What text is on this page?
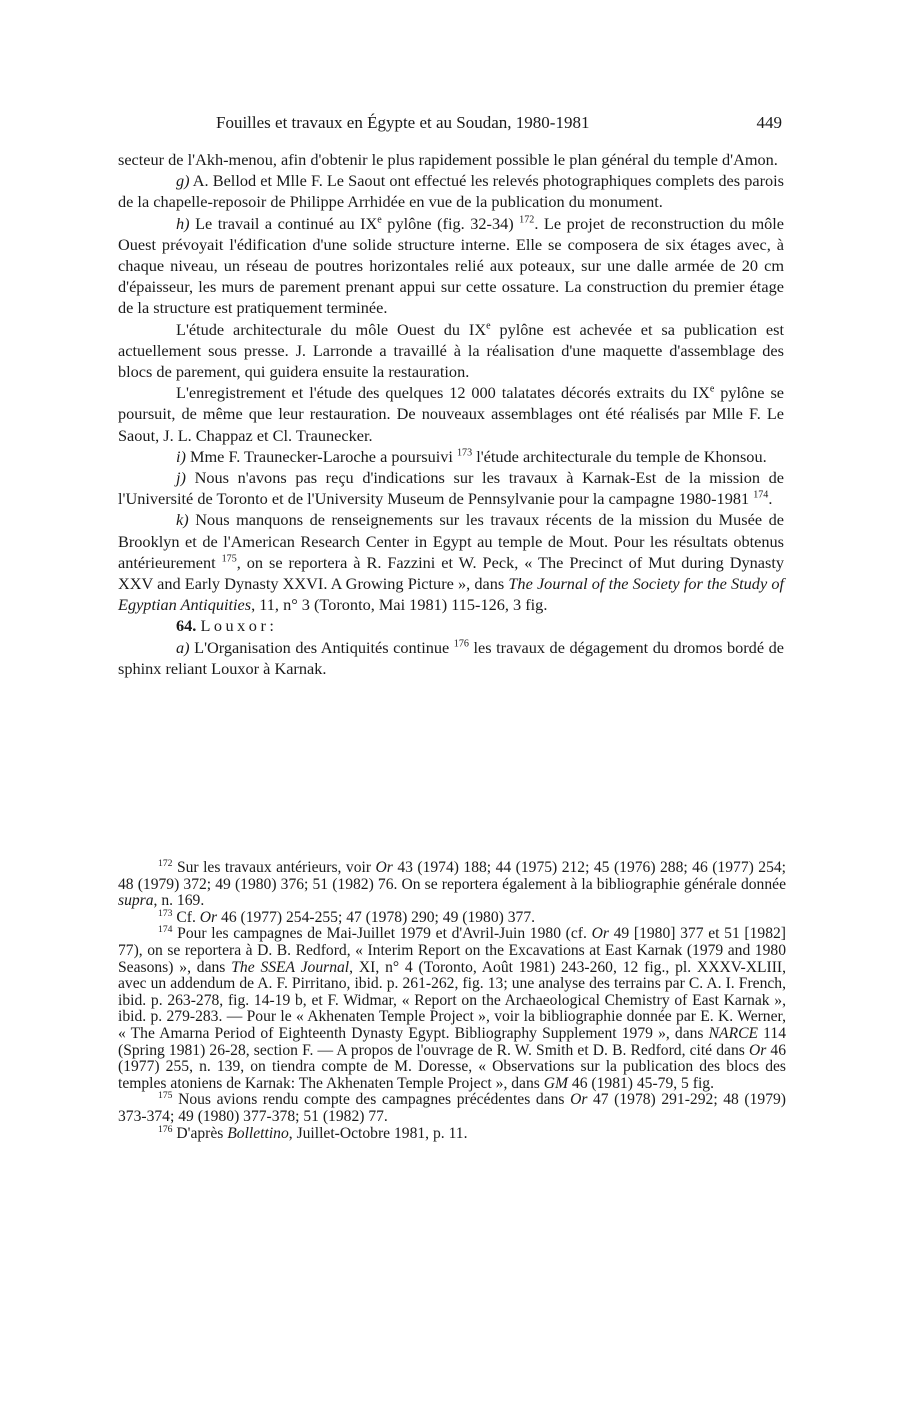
Fouilles et travaux en Égypte et au Soudan, 1980-1981	449

secteur de l'Akh-menou, afin d'obtenir le plus rapidement possible le plan général du temple d'Amon.

g) A. Bellod et Mlle F. Le Saout ont effectué les relevés photographiques complets des parois de la chapelle-reposoir de Philippe Arrhidée en vue de la publication du monument.

h) Le travail a continué au IXe pylône (fig. 32-34) $^{172}$. Le projet de reconstruction du môle Ouest prévoyait l'édification d'une solide structure interne. Elle se composera de six étages avec, à chaque niveau, un réseau de poutres horizontales relié aux poteaux, sur une dalle armée de 20 cm d'épaisseur, les murs de parement prenant appui sur cette ossature. La construction du premier étage de la structure est pratiquement terminée.

L'étude architecturale du môle Ouest du IXe pylône est achevée et sa publication est actuellement sous presse. J. Larronde a travaillé à la réalisation d'une maquette d'assemblage des blocs de parement, qui guidera ensuite la restauration.

L'enregistrement et l'étude des quelques 12 000 talatates décorés extraits du IXe pylône se poursuit, de même que leur restauration. De nouveaux assemblages ont été réalisés par Mlle F. Le Saout, J. L. Chappaz et Cl. Traunecker.

i) Mme F. Traunecker-Laroche a poursuivi $^{173}$ l'étude architecturale du temple de Khonsou.

j) Nous n'avons pas reçu d'indications sur les travaux à Karnak-Est de la mission de l'Université de Toronto et de l'University Museum de Pennsylvanie pour la campagne 1980-1981 $^{174}$.

k) Nous manquons de renseignements sur les travaux récents de la mission du Musée de Brooklyn et de l'American Research Center in Egypt au temple de Mout. Pour les résultats obtenus antérieurement $^{175}$, on se reportera à R. Fazzini et W. Peck, « The Precinct of Mut during Dynasty XXV and Early Dynasty XXVI. A Growing Picture », dans The Journal of the Society for the Study of Egyptian Antiquities, 11, n° 3 (Toronto, Mai 1981) 115-126, 3 fig.

64. Louxor:

a) L'Organisation des Antiquités continue $^{176}$ les travaux de dégagement du dromos bordé de sphinx reliant Louxor à Karnak.

$^{172}$ Sur les travaux antérieurs, voir Or 43 (1974) 188; 44 (1975) 212; 45 (1976) 288; 46 (1977) 254; 48 (1979) 372; 49 (1980) 376; 51 (1982) 76. On se reportera également à la bibliographie générale donnée supra, n. 169.

$^{173}$ Cf. Or 46 (1977) 254-255; 47 (1978) 290; 49 (1980) 377.

$^{174}$ Pour les campagnes de Mai-Juillet 1979 et d'Avril-Juin 1980 (cf. Or 49 [1980] 377 et 51 [1982] 77), on se reportera à D. B. Redford, « Interim Report on the Excavations at East Karnak (1979 and 1980 Seasons) », dans The SSEA Journal, XI, n° 4 (Toronto, Août 1981) 243-260, 12 fig., pl. XXXV-XLIII, avec un addendum de A. F. Pirritano, ibid. p. 261-262, fig. 13; une analyse des terrains par C. A. I. French, ibid. p. 263-278, fig. 14-19 b, et F. Widmar, « Report on the Archaeological Chemistry of East Karnak », ibid. p. 279-283. — Pour le « Akhenaten Temple Project », voir la bibliographie donnée par E. K. Werner, « The Amarna Period of Eighteenth Dynasty Egypt. Bibliography Supplement 1979 », dans NARCE 114 (Spring 1981) 26-28, section F. — A propos de l'ouvrage de R. W. Smith et D. B. Redford, cité dans Or 46 (1977) 255, n. 139, on tiendra compte de M. Doresse, « Observations sur la publication des blocs des temples atoniens de Karnak: The Akhenaten Temple Project », dans GM 46 (1981) 45-79, 5 fig.

$^{175}$ Nous avions rendu compte des campagnes précédentes dans Or 47 (1978) 291-292; 48 (1979) 373-374; 49 (1980) 377-378; 51 (1982) 77.

$^{176}$ D'après Bollettino, Juillet-Octobre 1981, p. 11.
